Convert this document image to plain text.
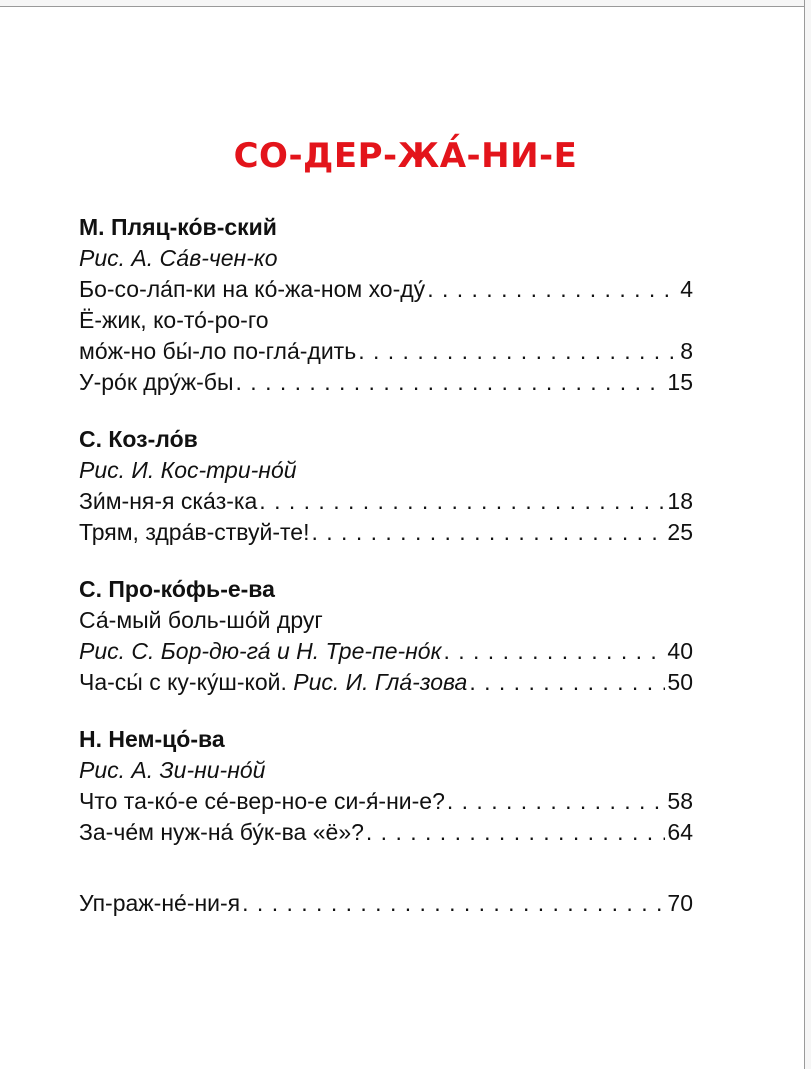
СО-ДЕР-ЖА́-НИ-Е
М. Пляц-ко́в-ский
Рис. А. Са́в-чен-ко
Бо-со-ла́п-ки на ко́-жа-ном хо-ду́ . . .	4
Ё-жик, ко-то́-ро-го
мо́ж-но бы́-ло по-гла́-дить . . .	8
У-ро́к дру́ж-бы . . .	15
С. Коз-ло́в
Рис. И. Кос-три-но́й
Зи́м-ня-я ска́з-ка . . .	18
Трям, здра́в-ствуй-те! . . .	25
С. Про-ко́фь-е-ва
Са́-мый боль-шо́й друг
Рис. С. Бор-дю-га́ и Н. Тре-пе-но́к . . .	40
Ча-сы́ с ку-ку́ш-кой.
Рис. И. Гла́-зова . . .	50
Н. Нем-цо́-ва
Рис. А. Зи-ни-но́й
Что та-ко́-е се́-вер-но-е си-я́-ни-е? . . .	58
За-че́м нуж-на́ бу́к-ва «ё»? . . .	64
Уп-раж-не́-ни-я . . .	70
